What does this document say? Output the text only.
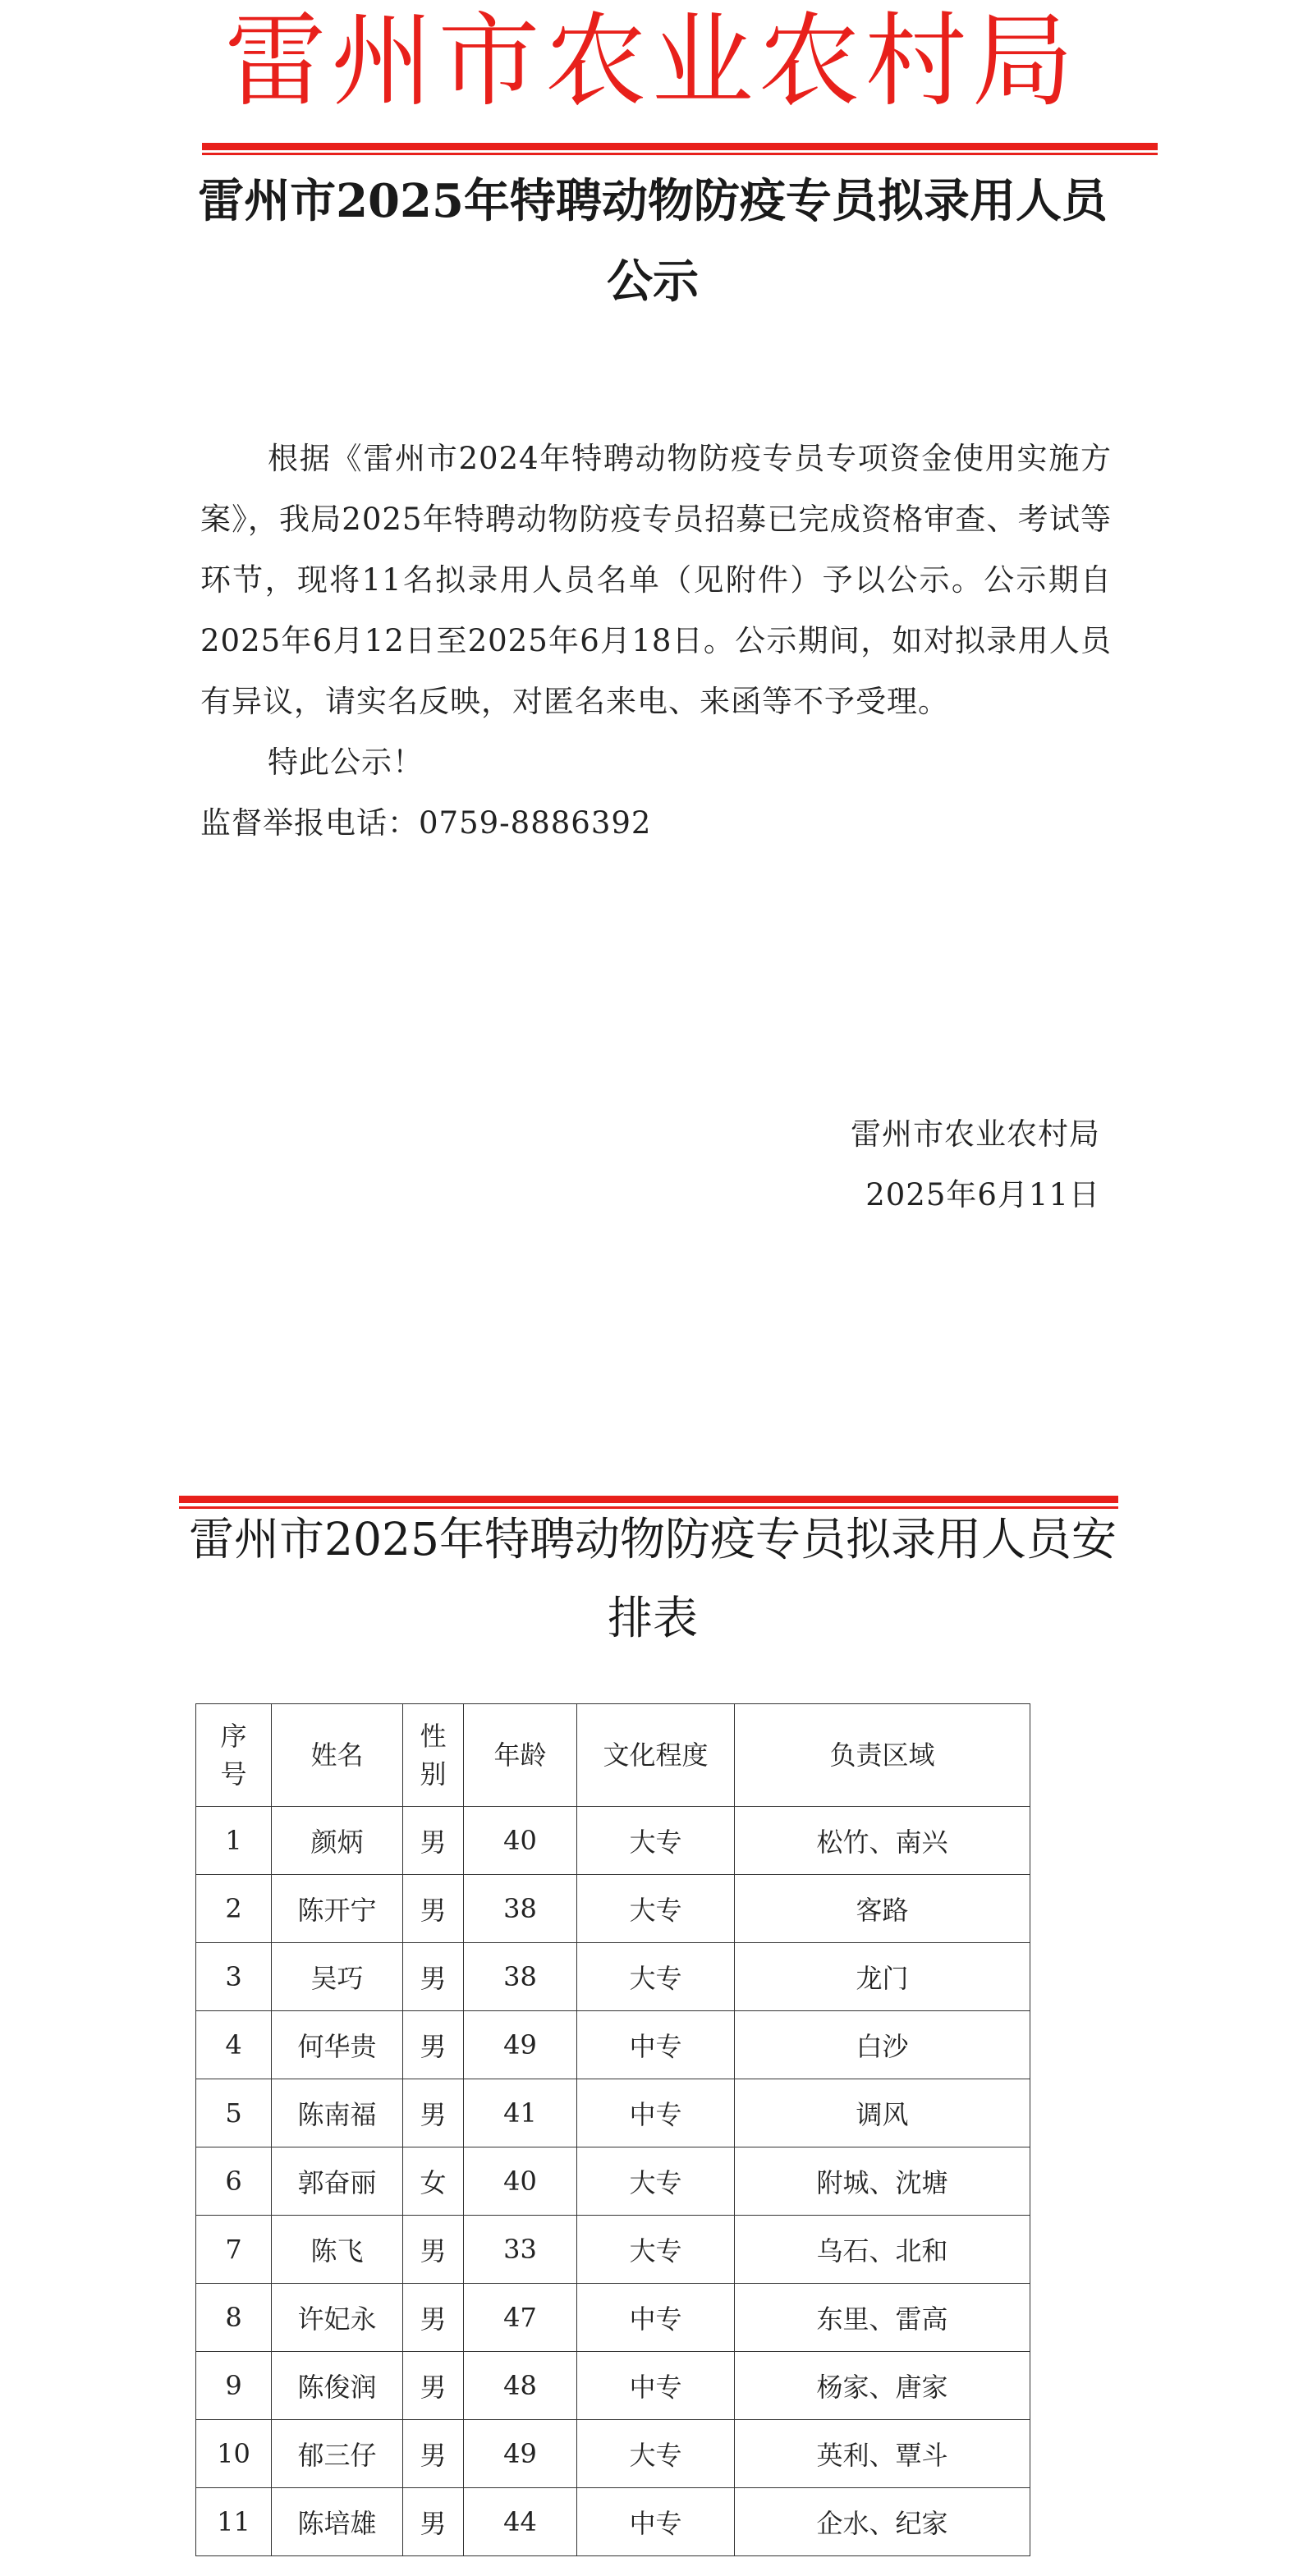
雷州市农业农村局
雷州市2025年特聘动物防疫专员拟录用人员公示

根据《雷州市2024年特聘动物防疫专员专项资金使用实施方案》，我局2025年特聘动物防疫专员招募已完成资格审查、考试等环节，现将11名拟录用人员名单（见附件）予以公示。公示期自2025年6月12日至2025年6月18日。公示期间，如对拟录用人员有异议，请实名反映，对匿名来电、来函等不予受理。

特此公示！

监督举报电话：0759-8886392

雷州市农业农村局
2025年6月11日
雷州市2025年特聘动物防疫专员拟录用人员安排表
序号	姓名	性别	年龄	文化程度	负责区域
1	颜炳	男	40	大专	松竹、南兴
2	陈开宁	男	38	大专	客路
3	吴巧	男	38	大专	龙门
4	何华贵	男	49	中专	白沙
5	陈南福	男	41	中专	调风
6	郭奋丽	女	40	大专	附城、沈塘
7	陈飞	男	33	大专	乌石、北和
8	许妃永	男	47	中专	东里、雷高
9	陈俊润	男	48	中专	杨家、唐家
10	郁三仔	男	49	大专	英利、覃斗
11	陈培雄	男	44	中专	企水、纪家
